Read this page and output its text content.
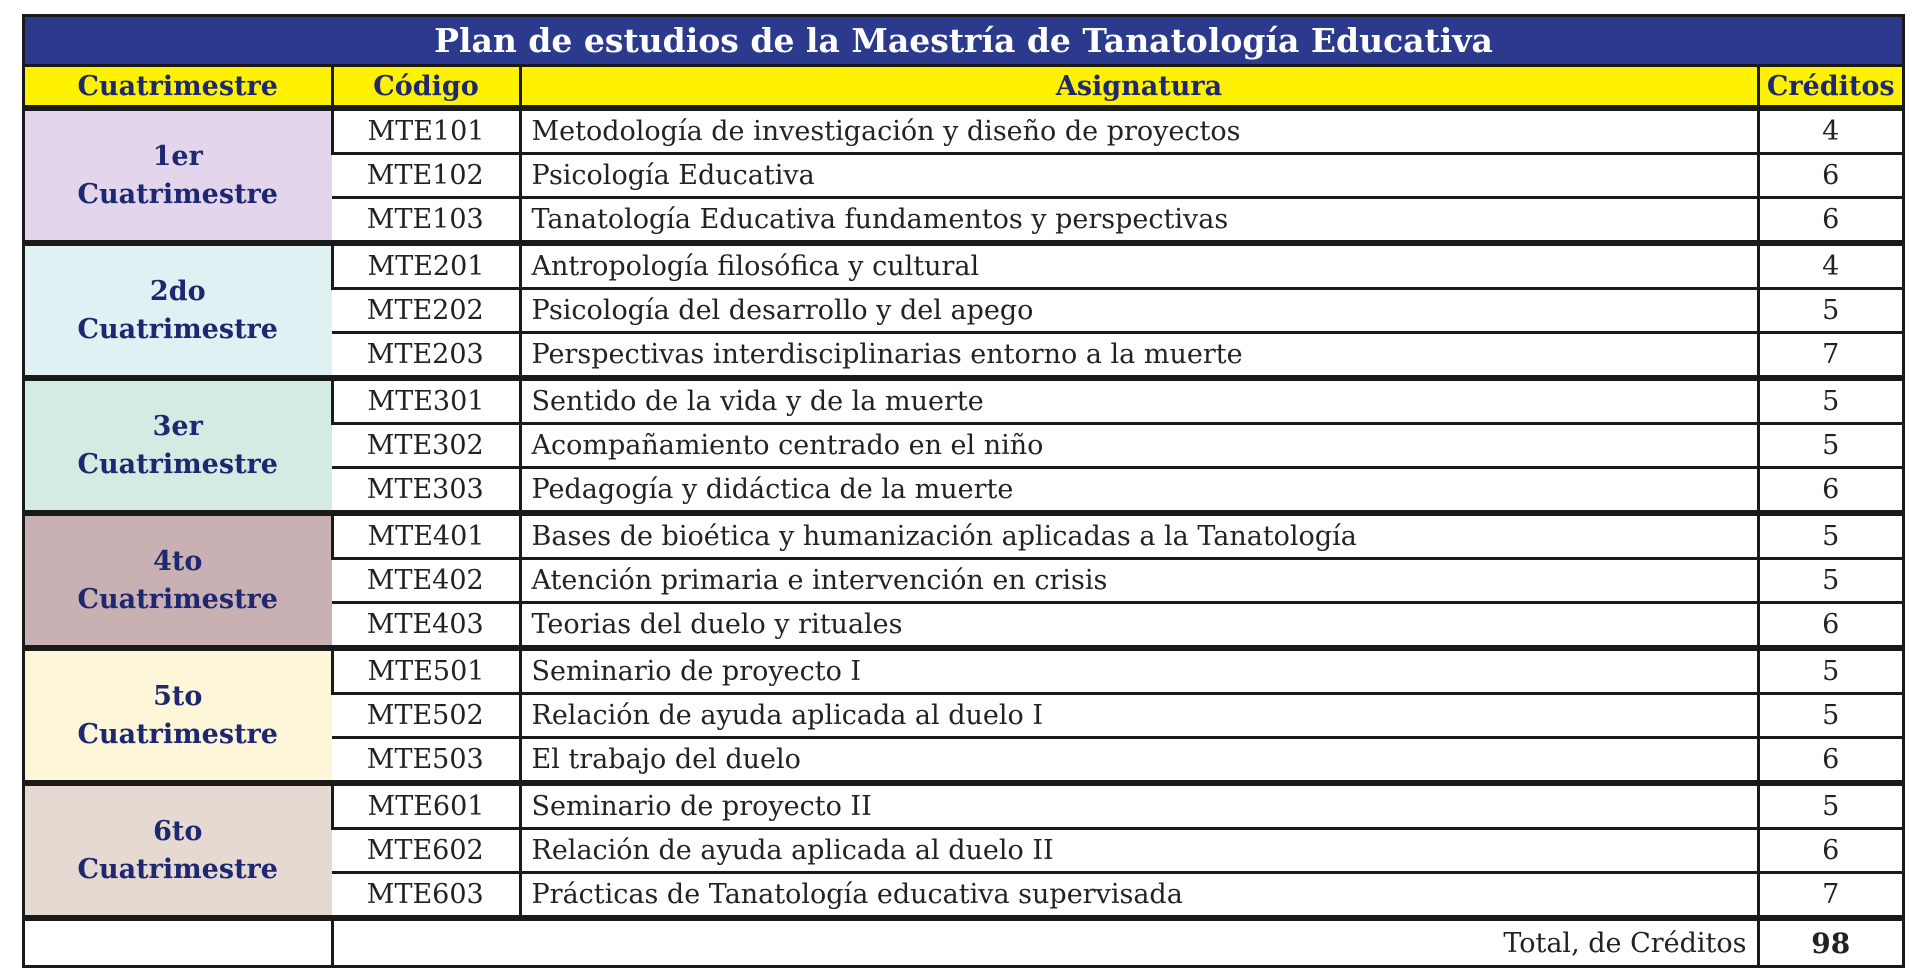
Plan de estudios de la Maestría de Tanatología Educativa
Cuatrimestre	Código	Asignatura	Créditos

1er
Cuatrimestre	MTE101	Metodología de investigación y diseño de proyectos	4
	MTE102	Psicología Educativa	6
	MTE103	Tanatología Educativa fundamentos y perspectivas	6

2do
Cuatrimestre	MTE201	Antropología filosófica y cultural	4
	MTE202	Psicología del desarrollo y del apego	5
	MTE203	Perspectivas interdisciplinarias entorno a la muerte	7

3er
Cuatrimestre	MTE301	Sentido de la vida y de la muerte	5
	MTE302	Acompañamiento centrado en el niño	5
	MTE303	Pedagogía y didáctica de la muerte	6

4to
Cuatrimestre	MTE401	Bases de bioética y humanización aplicadas a la Tanatología	5
	MTE402	Atención primaria e intervención en crisis	5
	MTE403	Teorias del duelo y rituales	6

5to
Cuatrimestre	MTE501	Seminario de proyecto I	5
	MTE502	Relación de ayuda aplicada al duelo I	5
	MTE503	El trabajo del duelo	6

6to
Cuatrimestre	MTE601	Seminario de proyecto II	5
	MTE602	Relación de ayuda aplicada al duelo II	6
	MTE603	Prácticas de Tanatología educativa supervisada	7
	Total, de Créditos		98
